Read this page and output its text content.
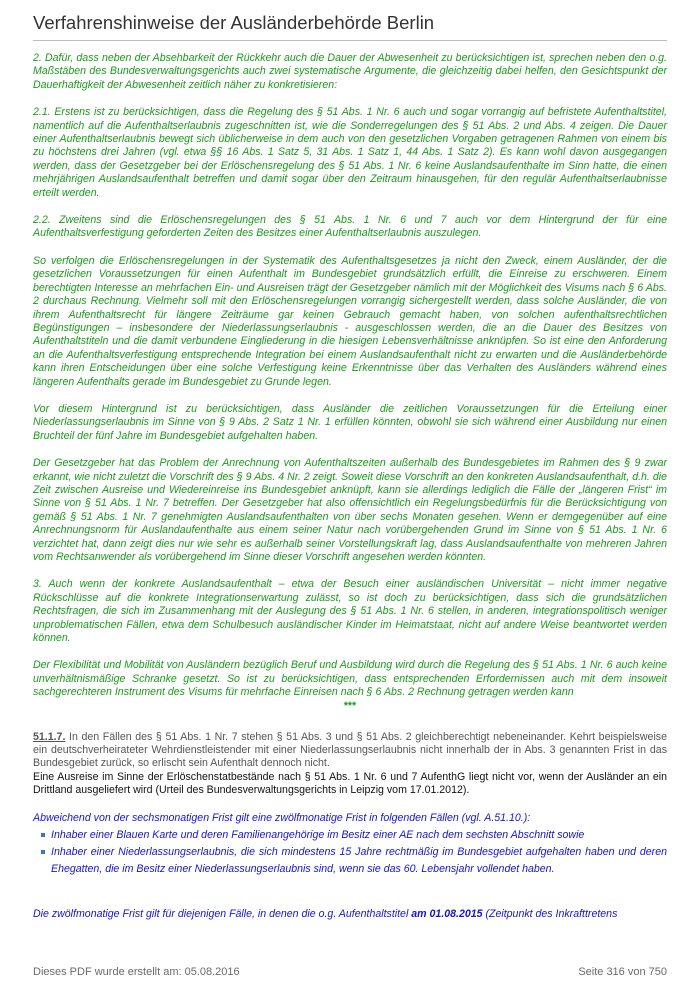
Verfahrenshinweise der Ausländerbehörde Berlin

2. Dafür, dass neben der Absehbarkeit der Rückkehr auch die Dauer der Abwesenheit zu berücksichtigen ist, sprechen neben den o.g. Maßstäben des Bundesverwaltungsgerichts auch zwei systematische Argumente, die gleichzeitig dabei helfen, den Gesichtspunkt der Dauerhaftigkeit der Abwesenheit zeitlich näher zu konkretisieren:

2.1. Erstens ist zu berücksichtigen, dass die Regelung des § 51 Abs. 1 Nr. 6 auch und sogar vorrangig auf befristete Aufenthaltstitel, namentlich auf die Aufenthaltserlaubnis zugeschnitten ist, wie die Sonderregelungen des § 51 Abs. 2 und Abs. 4 zeigen. Die Dauer einer Aufenthaltserlaubnis bewegt sich üblicherweise in dem auch von den gesetzlichen Vorgaben getragenen Rahmen von einem bis zu höchstens drei Jahren (vgl. etwa §§ 16 Abs. 1 Satz 5, 31 Abs. 1 Satz 1, 44 Abs. 1 Satz 2). Es kann wohl davon ausgegangen werden, dass der Gesetzgeber bei der Erlöschensregelung des § 51 Abs. 1 Nr. 6 keine Auslandsaufenthalte im Sinn hatte, die einen mehrjährigen Auslandsaufenthalt betreffen und damit sogar über den Zeitraum hinausgehen, für den regulär Aufenthaltserlaubnisse erteilt werden.

2.2. Zweitens sind die Erlöschensregelungen des § 51 Abs. 1 Nr. 6 und 7 auch vor dem Hintergrund der für eine Aufenthaltsverfestigung geforderten Zeiten des Besitzes einer Aufenthaltserlaubnis auszulegen.

So verfolgen die Erlöschensregelungen in der Systematik des Aufenthaltsgesetzes ja nicht den Zweck, einem Ausländer, der die gesetzlichen Voraussetzungen für einen Aufenthalt im Bundesgebiet grundsätzlich erfüllt, die Einreise zu erschweren. Einem berechtigten Interesse an mehrfachen Ein- und Ausreisen trägt der Gesetzgeber nämlich mit der Möglichkeit des Visums nach § 6 Abs. 2 durchaus Rechnung. Vielmehr soll mit den Erlöschensregelungen vorrangig sichergestellt werden, dass solche Ausländer, die von ihrem Aufenthaltsrecht für längere Zeiträume gar keinen Gebrauch gemacht haben, von solchen aufenthaltsrechtlichen Begünstigungen – insbesondere der Niederlassungserlaubnis - ausgeschlossen werden, die an die Dauer des Besitzes von Aufenthaltstiteln und die damit verbundene Eingliederung in die hiesigen Lebensverhältnisse anknüpfen. So ist eine den Anforderung an die Aufenthaltsverfestigung entsprechende Integration bei einem Auslandsaufenthalt nicht zu erwarten und die Ausländerbehörde kann ihren Entscheidungen über eine solche Verfestigung keine Erkenntnisse über das Verhalten des Ausländers während eines längeren Aufenthalts gerade im Bundesgebiet zu Grunde legen.

Vor diesem Hintergrund ist zu berücksichtigen, dass Ausländer die zeitlichen Voraussetzungen für die Erteilung einer Niederlassungserlaubnis im Sinne von § 9 Abs. 2 Satz 1 Nr. 1 erfüllen könnten, obwohl sie sich während einer Ausbildung nur einen Bruchteil der fünf Jahre im Bundesgebiet aufgehalten haben.

Der Gesetzgeber hat das Problem der Anrechnung von Aufenthaltszeiten außerhalb des Bundesgebietes im Rahmen des § 9 zwar erkannt, wie nicht zuletzt die Vorschrift des § 9 Abs. 4 Nr. 2 zeigt. Soweit diese Vorschrift an den konkreten Auslandsaufenthalt, d.h. die Zeit zwischen Ausreise und Wiedereinreise ins Bundesgebiet anknüpft, kann sie allerdings lediglich die Fälle der „längeren Frist“ im Sinne von § 51 Abs. 1 Nr. 7 betreffen. Der Gesetzgeber hat also offensichtlich ein Regelungsbedürfnis für die Berücksichtigung von gemäß § 51 Abs. 1 Nr. 7 genehmigten Auslandsaufenthalten von über sechs Monaten gesehen. Wenn er demgegenüber auf eine Anrechnungsnorm für Auslandaufenthalte aus einem seiner Natur nach vorübergehenden Grund im Sinne von § 51 Abs. 1 Nr. 6 verzichtet hat, dann zeigt dies nur wie sehr es außerhalb seiner Vorstellungskraft lag, dass Auslandsaufenthalte von mehreren Jahren vom Rechtsanwender als vorübergehend im Sinne dieser Vorschrift angesehen werden könnten.

3. Auch wenn der konkrete Auslandsaufenthalt – etwa der Besuch einer ausländischen Universität – nicht immer negative Rückschlüsse auf die konkrete Integrationserwartung zulässt, so ist doch zu berücksichtigen, dass sich die grundsätzlichen Rechtsfragen, die sich im Zusammenhang mit der Auslegung des § 51 Abs. 1 Nr. 6 stellen, in anderen, integrationspolitisch weniger unproblematischen Fällen, etwa dem Schulbesuch ausländischer Kinder im Heimatstaat, nicht auf andere Weise beantwortet werden können.

Der Flexibilität und Mobilität von Ausländern bezüglich Beruf und Ausbildung wird durch die Regelung des § 51 Abs. 1 Nr. 6 auch keine unverhältnismäßige Schranke gesetzt. So ist zu berücksichtigen, dass entsprechenden Erfordernissen auch mit dem insoweit sachgerechteren Instrument des Visums für mehrfache Einreisen nach § 6 Abs. 2 Rechnung getragen werden kann

***

51.1.7. In den Fällen des § 51 Abs. 1 Nr. 7 stehen § 51 Abs. 3 und § 51 Abs. 2 gleichberechtigt nebeneinander. Kehrt beispielsweise ein deutschverheirateter Wehrdienstleistender mit einer Niederlassungserlaubnis nicht innerhalb der in Abs. 3 genannten Frist in das Bundesgebiet zurück, so erlischt sein Aufenthalt dennoch nicht.

Eine Ausreise im Sinne der Erlöschenstatbestände nach § 51 Abs. 1 Nr. 6 und 7 AufenthG liegt nicht vor, wenn der Ausländer an ein Drittland ausgeliefert wird (Urteil des Bundesverwaltungsgerichts in Leipzig vom 17.01.2012).

Abweichend von der sechsmonatigen Frist gilt eine zwölfmonatige Frist in folgenden Fällen (vgl. A.51.10.):

Inhaber einer Blauen Karte und deren Familienangehörige im Besitz einer AE nach dem sechsten Abschnitt sowie
Inhaber einer Niederlassungserlaubnis, die sich mindestens 15 Jahre rechtmäßig im Bundesgebiet aufgehalten haben und deren Ehegatten, die im Besitz einer Niederlassungserlaubnis sind, wenn sie das 60. Lebensjahr vollendet haben.

Die zwölfmonatige Frist gilt für diejenigen Fälle, in denen die o.g. Aufenthaltstitel am 01.08.2015 (Zeitpunkt des Inkrafttretens

Dieses PDF wurde erstellt am: 05.08.2016	Seite 316 von 750
